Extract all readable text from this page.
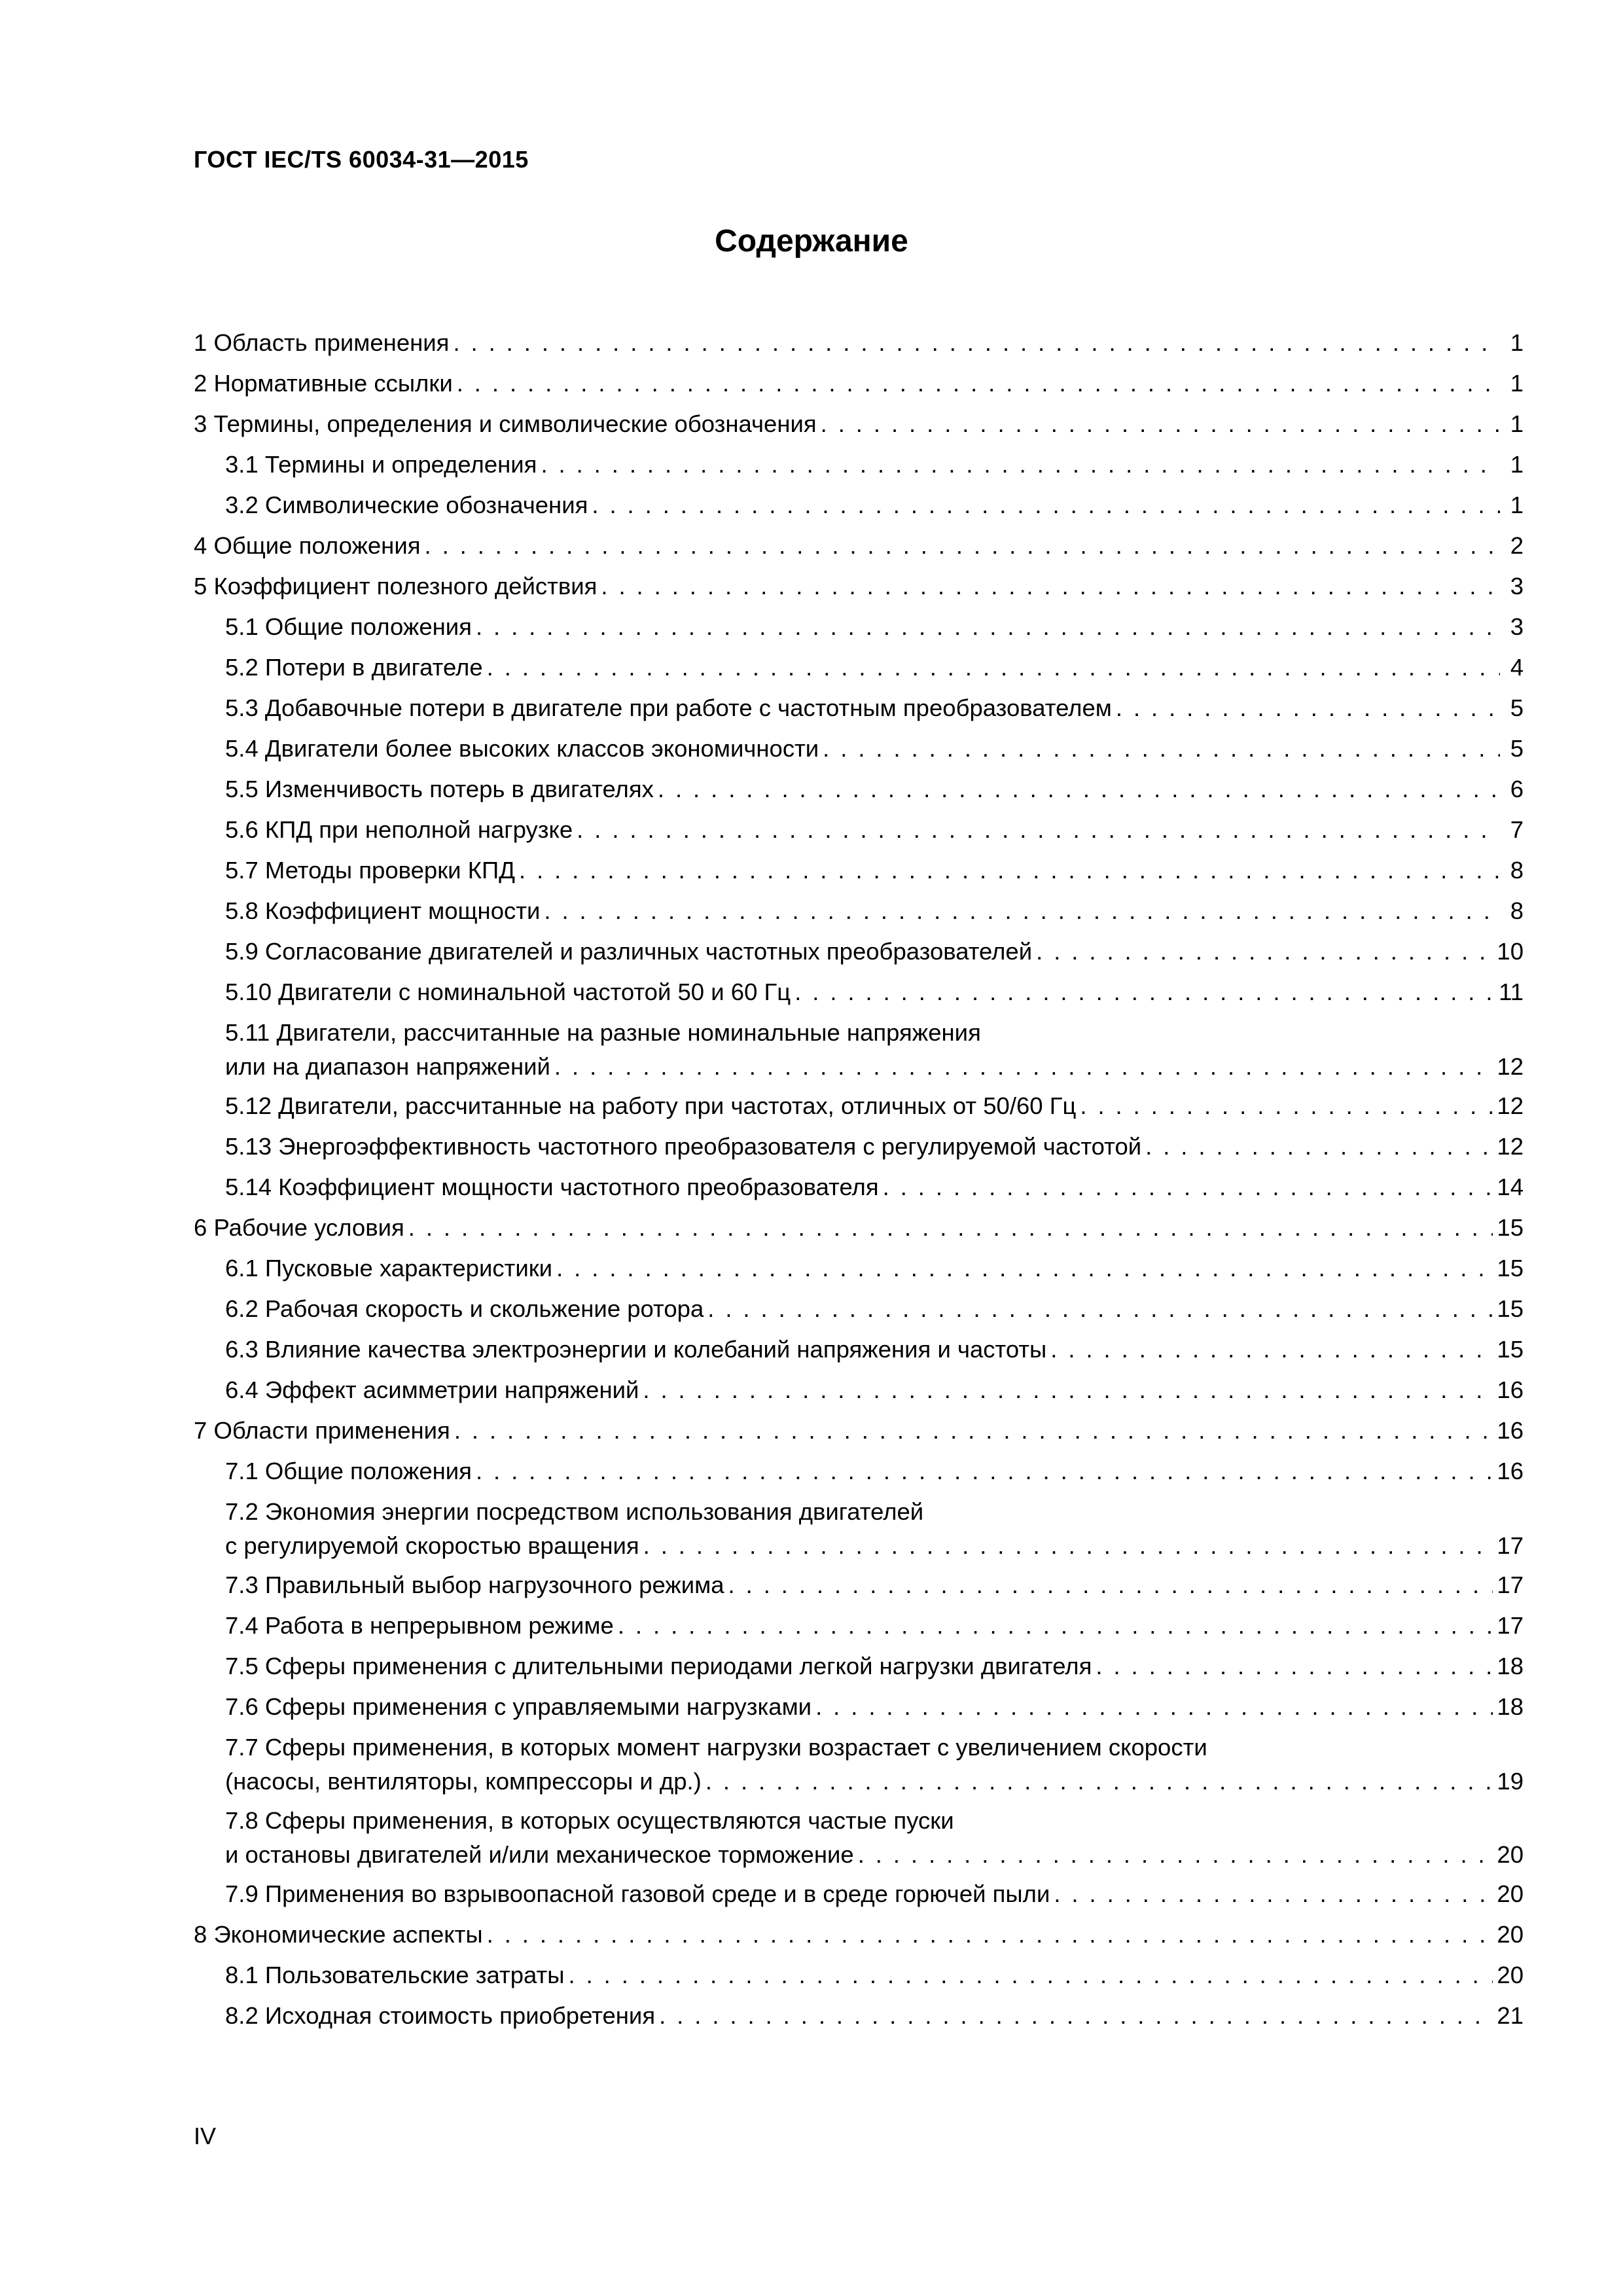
ГОСТ IEC/TS 60034-31—2015
Содержание
1 Область применения . . .	1
2 Нормативные ссылки . . .	1
3 Термины, определения и символические обозначения . . .	1
3.1 Термины и определения . . .	1
3.2 Символические обозначения . . .	1
4 Общие положения . . .	2
5 Коэффициент полезного действия . . .	3
5.1 Общие положения . . .	3
5.2 Потери в двигателе . . .	4
5.3 Добавочные потери в двигателе при работе с частотным преобразователем . . .	5
5.4 Двигатели более высоких классов экономичности . . .	5
5.5 Изменчивость потерь в двигателях . . .	6
5.6 КПД при неполной нагрузке . . .	7
5.7 Методы проверки КПД . . .	8
5.8 Коэффициент мощности . . .	8
5.9 Согласование двигателей и различных частотных преобразователей . . .	10
5.10 Двигатели с номинальной частотой 50 и 60 Гц . . .	11
5.11 Двигатели, рассчитанные на разные номинальные напряжения
или на диапазон напряжений . . .	12
5.12 Двигатели, рассчитанные на работу при частотах, отличных от 50/60 Гц . . .	12
5.13 Энергоэффективность частотного преобразователя с регулируемой частотой . . .	12
5.14 Коэффициент мощности частотного преобразователя . . .	14
6 Рабочие условия . . .	15
6.1 Пусковые характеристики . . .	15
6.2 Рабочая скорость и скольжение ротора . . .	15
6.3 Влияние качества электроэнергии и колебаний напряжения и частоты . . .	15
6.4 Эффект асимметрии напряжений . . .	16
7 Области применения . . .	16
7.1 Общие положения . . .	16
7.2 Экономия энергии посредством использования двигателей
с регулируемой скоростью вращения . . .	17
7.3 Правильный выбор нагрузочного режима . . .	17
7.4 Работа в непрерывном режиме . . .	17
7.5 Сферы применения с длительными периодами легкой нагрузки двигателя . . .	18
7.6 Сферы применения с управляемыми нагрузками . . .	18
7.7 Сферы применения, в которых момент нагрузки возрастает с увеличением скорости
(насосы, вентиляторы, компрессоры и др.) . . .	19
7.8 Сферы применения, в которых осуществляются частые пуски
и остановы двигателей и/или механическое торможение . . .	20
7.9 Применения во взрывоопасной газовой среде и в среде горючей пыли . . .	20
8 Экономические аспекты . . .	20
8.1 Пользовательские затраты . . .	20
8.2 Исходная стоимость приобретения . . .	21
IV
